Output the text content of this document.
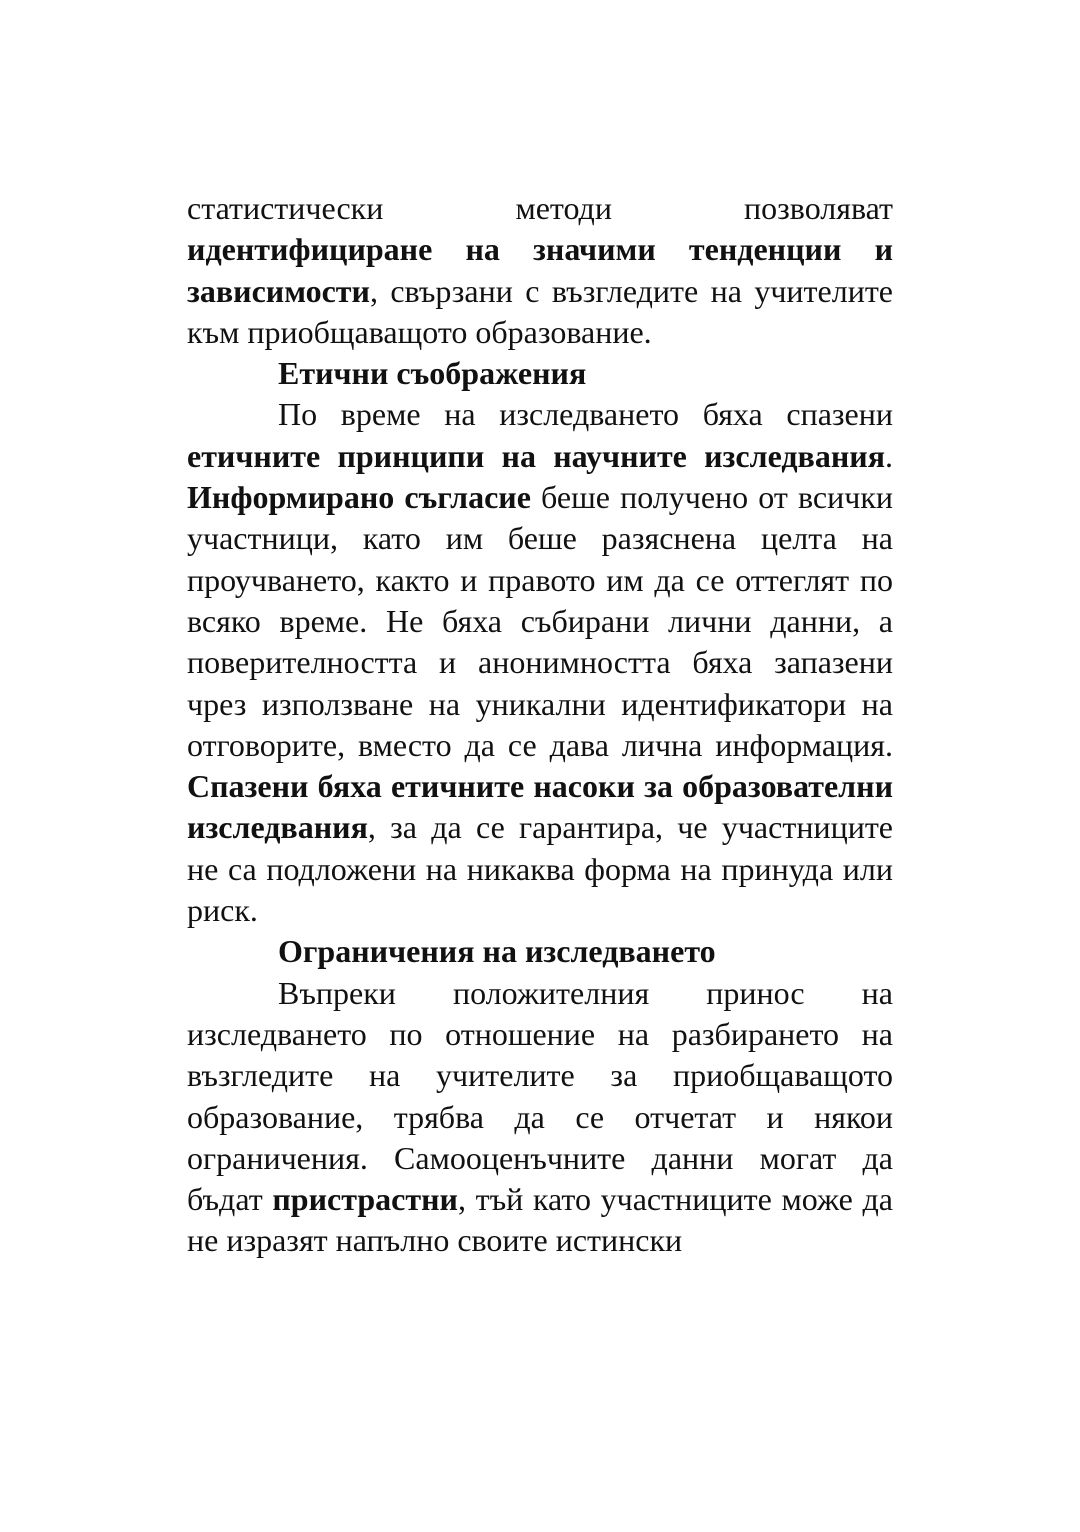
статистически методи позволяват идентифициране на значими тенденции и зависимости, свързани с възгледите на учителите към приобщаващото образование.

Етични съображения

По време на изследването бяха спазени етичните принципи на научните изследвания. Информирано съгласие беше получено от всички участници, като им беше разяснена целта на проучването, както и правото им да се оттеглят по всяко време. Не бяха събирани лични данни, а поверителността и анонимността бяха запазени чрез използване на уникални идентификатори на отговорите, вместо да се дава лична информация. Спазени бяха етичните насоки за образователни изследвания, за да се гарантира, че участниците не са подложени на никаква форма на принуда или риск.

Ограничения на изследването

Въпреки положителния принос на изследването по отношение на разбирането на възгледите на учителите за приобщаващото образование, трябва да се отчетат и някои ограничения. Самооценъчните данни могат да бъдат пристрастни, тъй като участниците може да не изразят напълно своите истински
